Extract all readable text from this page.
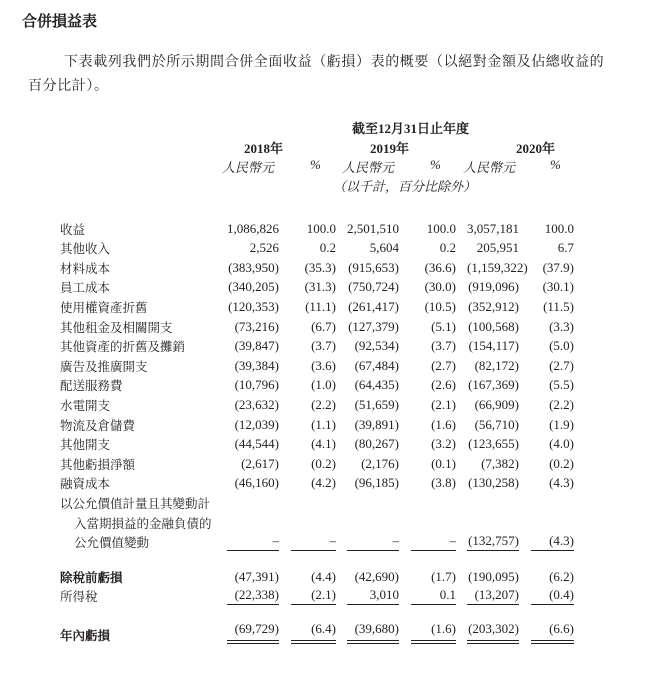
合併損益表
下表載列我們於所示期間合併全面收益（虧損）表的概要（以絕對金額及佔總收益的百分比計）。
截至12月31日止年度
2018年	2019年	2020年
人民幣元	% 人民幣元	% 人民幣元	%
（以千計，百分比除外）
收益	1,086,826	100.0	2,501,510	100.0	3,057,181	100.0
其他收入	2,526	0.2	5,604	0.2	205,951	6.7
材料成本	(383,950)	(35.3)	(915,653)	(36.6)	(1,159,322)	(37.9)
員工成本	(340,205)	(31.3)	(750,724)	(30.0)	(919,096)	(30.1)
使用權資產折舊	(120,353)	(11.1)	(261,417)	(10.5)	(352,912)	(11.5)
其他租金及相關開支	(73,216)	(6.7)	(127,379)	(5.1)	(100,568)	(3.3)
其他資產的折舊及攤銷	(39,847)	(3.7)	(92,534)	(3.7)	(154,117)	(5.0)
廣告及推廣開支	(39,384)	(3.6)	(67,484)	(2.7)	(82,172)	(2.7)
配送服務費	(10,796)	(1.0)	(64,435)	(2.6)	(167,369)	(5.5)
水電開支	(23,632)	(2.2)	(51,659)	(2.1)	(66,909)	(2.2)
物流及倉儲費	(12,039)	(1.1)	(39,891)	(1.6)	(56,710)	(1.9)
其他開支	(44,544)	(4.1)	(80,267)	(3.2)	(123,655)	(4.0)
其他虧損淨額	(2,617)	(0.2)	(2,176)	(0.1)	(7,382)	(0.2)
融資成本	(46,160)	(4.2)	(96,185)	(3.8)	(130,258)	(4.3)
以公允價值計量且其變動計						
入當期損益的金融負債的						
公允價值變動	–	–	–	–	(132,757)	(4.3)

除稅前虧損	(47,391)	(4.4)	(42,690)	(1.7)	(190,095)	(6.2)
所得稅	(22,338)	(2.1)	3,010	0.1	(13,207)	(0.4)

年內虧損	(69,729)	(6.4)	(39,680)	(1.6)	(203,302)	(6.6)
